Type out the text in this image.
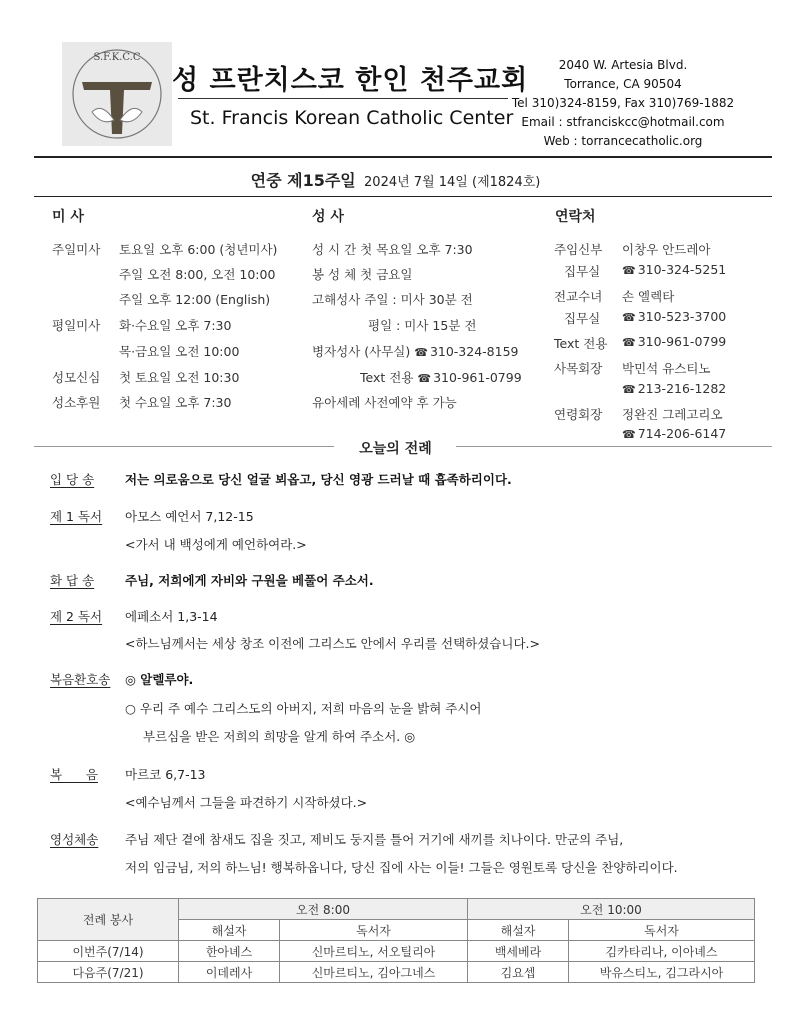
S.F.K.C.C
성 프란치스코 한인 천주교회
St. Francis Korean Catholic Center
2040 W. Artesia Blvd.
Torrance, CA 90504
Tel 310)324-8159, Fax 310)769-1882
Email : stfranciskcc@hotmail.com
Web : torrancecatholic.org
연중 제15주일 2024년 7월 14일 (제1824호)
미 사
주일미사 토요일 오후 6:00 (청년미사)
주일 오전 8:00, 오전 10:00
주일 오후 12:00 (English)
평일미사 화·수요일 오후 7:30
목·금요일 오전 10:00
성모신심 첫 토요일 오전 10:30
성소후원 첫 수요일 오후 7:30
성 사
성 시 간 첫 목요일 오후 7:30
봉 성 체 첫 금요일
고해성사 주일 : 미사 30분 전
평일 : 미사 15분 전
병자성사 (사무실) ☎ 310-324-8159
Text 전용 ☎ 310-961-0799
유아세례 사전예약 후 가능
연락처
주임신부 이창우 안드레아
집무실 ☎	310-324-5251
전교수녀 손 엘렉타
집무실 ☎	310-523-3700
Text 전용 ☎	310-961-0799
사목회장 박민석 유스티노
☎ 213-216-1282
연령회장 정완진 그레고리오
☎ 714-206-6147
오늘의 전례
입 당 송 저는 의로움으로 당신 얼굴 뵈옵고, 당신 영광 드러날 때 흡족하리이다.
제 1 독서 아모스 예언서 7,12-15
<가서 내 백성에게 예언하여라.>
화 답 송 주님, 저희에게 자비와 구원을 베풀어 주소서.
제 2 독서 에페소서 1,3-14
<하느님께서는 세상 창조 이전에 그리스도 안에서 우리를 선택하셨습니다.>
복음환호송 ◎ 알렐루야.
○ 우리 주 예수 그리스도의 아버지, 저희 마음의 눈을 밝혀 주시어
부르심을 받은 저희의 희망을 알게 하여 주소서. ◎
복      음 마르코 6,7-13
<예수님께서 그들을 파견하기 시작하셨다.>
영성체송 주님 제단 곁에 참새도 집을 짓고, 제비도 둥지를 틀어 거기에 새끼를 치나이다. 만군의 주님,
저의 임금님, 저의 하느님! 행복하옵니다, 당신 집에 사는 이들! 그들은 영원토록 당신을 찬양하리이다.
전례 봉사	오전 8:00		오전 10:00	
	해설자	독서자	해설자	독서자
이번주(7/14)	한아녜스	신마르티노, 서오틸리아	백세베라	김카타리나, 이아녜스
다음주(7/21)	이데레사	신마르티노, 김아그네스	김요셉	박유스티노, 김그라시아
